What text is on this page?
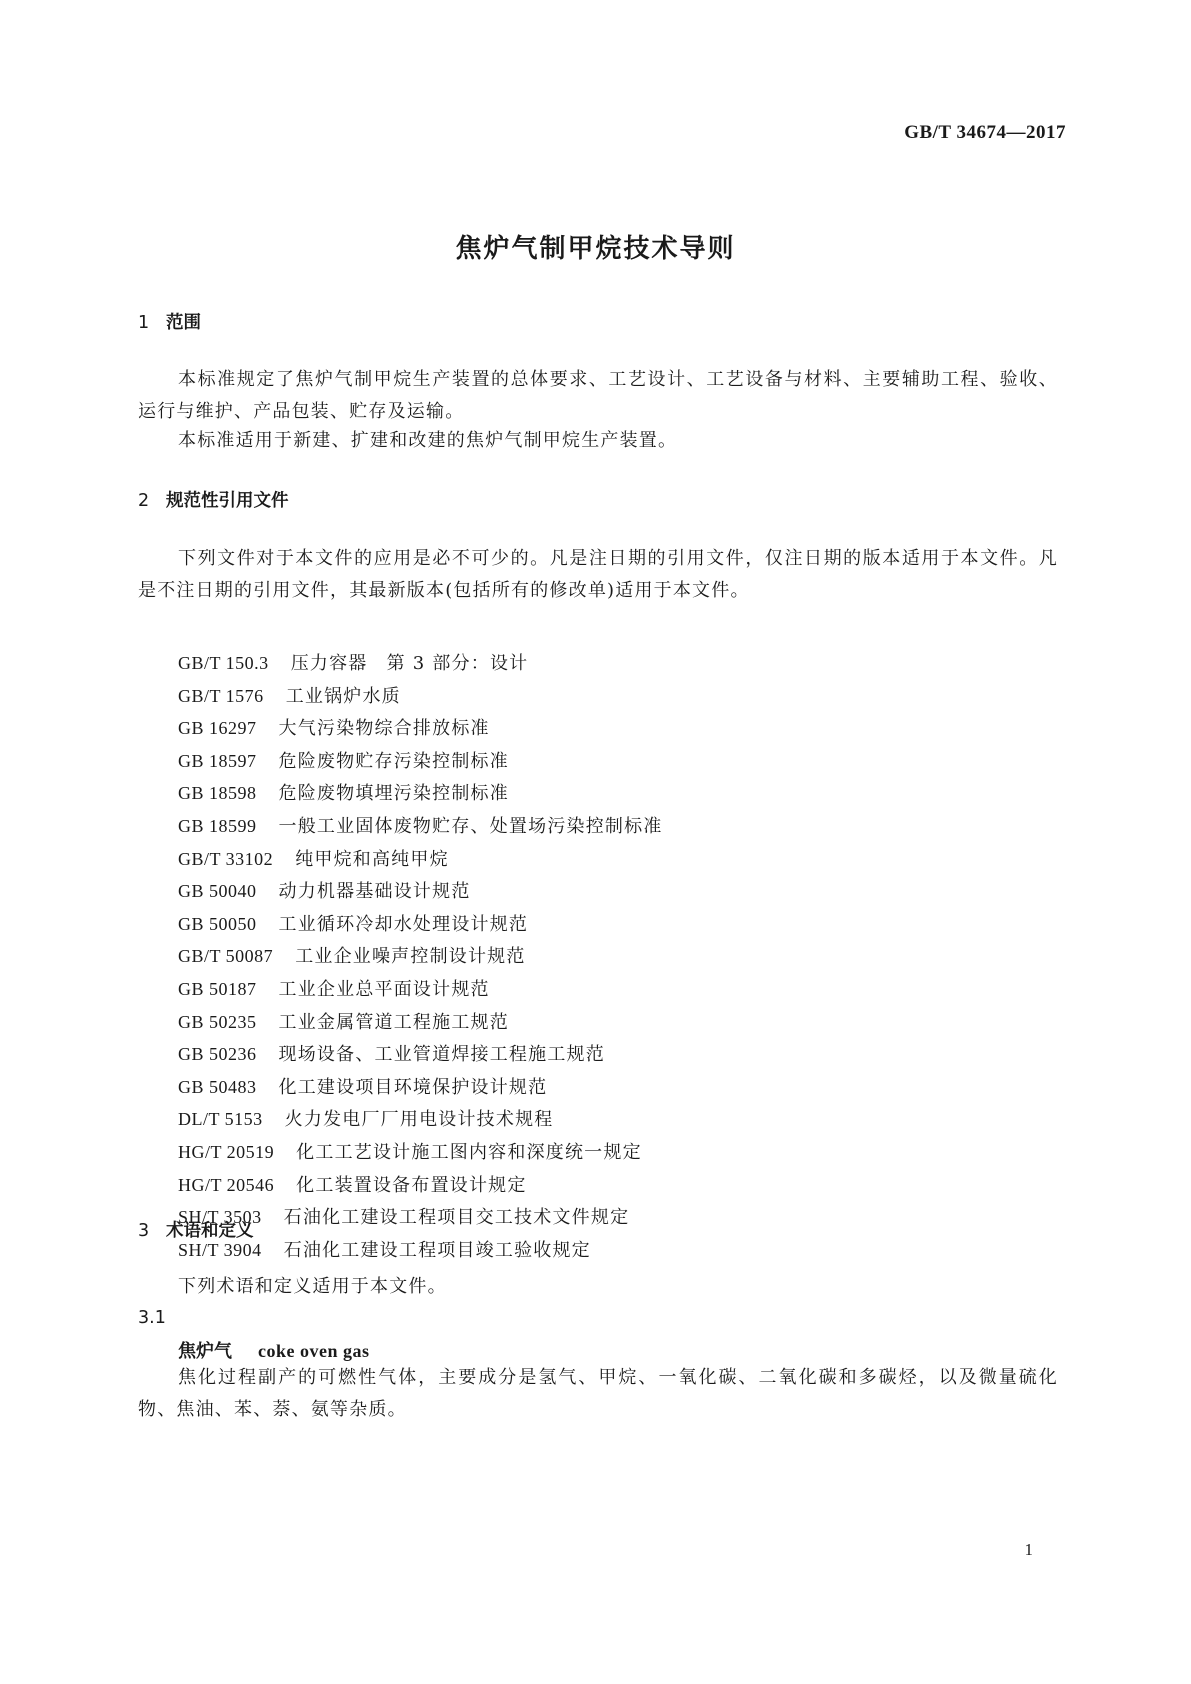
GB/T 34674—2017
焦炉气制甲烷技术导则
1 范围
本标准规定了焦炉气制甲烷生产装置的总体要求、工艺设计、工艺设备与材料、主要辅助工程、验收、运行与维护、产品包装、贮存及运输。
本标准适用于新建、扩建和改建的焦炉气制甲烷生产装置。
2 规范性引用文件
下列文件对于本文件的应用是必不可少的。凡是注日期的引用文件，仅注日期的版本适用于本文件。凡是不注日期的引用文件，其最新版本(包括所有的修改单)适用于本文件。
GB/T 150.3 压力容器　第 3 部分：设计
GB/T 1576 工业锅炉水质
GB 16297 大气污染物综合排放标准
GB 18597 危险废物贮存污染控制标准
GB 18598 危险废物填埋污染控制标准
GB 18599 一般工业固体废物贮存、处置场污染控制标准
GB/T 33102 纯甲烷和高纯甲烷
GB 50040 动力机器基础设计规范
GB 50050 工业循环冷却水处理设计规范
GB/T 50087 工业企业噪声控制设计规范
GB 50187 工业企业总平面设计规范
GB 50235 工业金属管道工程施工规范
GB 50236 现场设备、工业管道焊接工程施工规范
GB 50483 化工建设项目环境保护设计规范
DL/T 5153 火力发电厂厂用电设计技术规程
HG/T 20519 化工工艺设计施工图内容和深度统一规定
HG/T 20546 化工装置设备布置设计规定
SH/T 3503 石油化工建设工程项目交工技术文件规定
SH/T 3904 石油化工建设工程项目竣工验收规定
3 术语和定义
下列术语和定义适用于本文件。
3.1
焦炉气 coke oven gas
焦化过程副产的可燃性气体，主要成分是氢气、甲烷、一氧化碳、二氧化碳和多碳烃，以及微量硫化物、焦油、苯、萘、氨等杂质。
1
